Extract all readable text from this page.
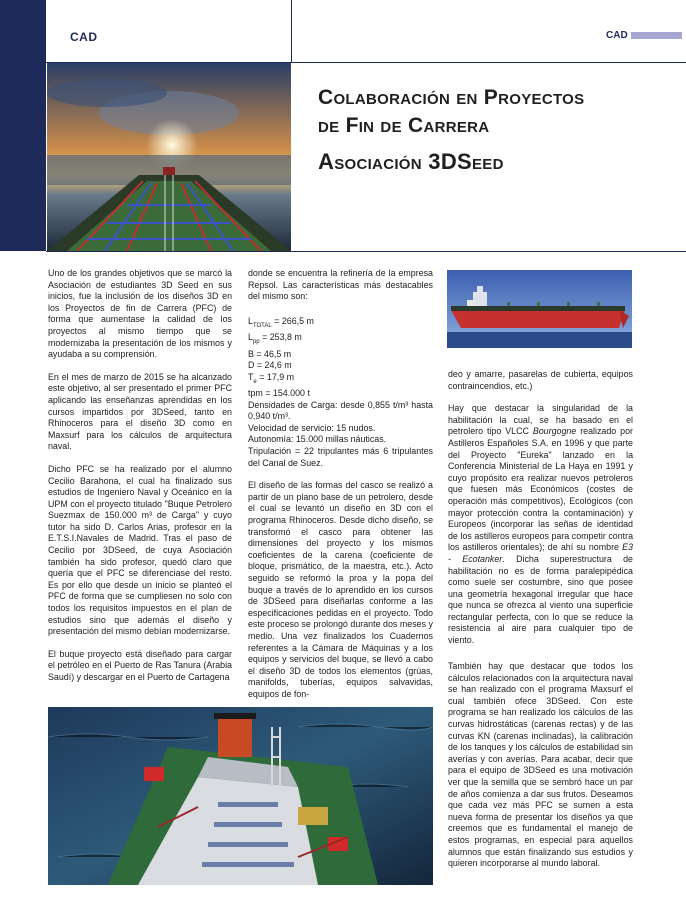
CAD	CAD
Colaboración en Proyectos
de Fin de Carrera
Asociación 3DSeed

Uno de los grandes objetivos que se marcó la Asociación de estudiantes 3D Seed en sus inicios, fue la inclusión de los diseños 3D en los Proyectos de fin de Carrera (PFC) de forma que aumentase la calidad de los proyectos al mismo tiempo que se modernizaba la presentación de los mismos y ayudaba a su comprensión.

En el mes de marzo de 2015 se ha alcanzado este objetivo, al ser presentado el primer PFC aplicando las enseñanzas aprendidas en los cursos impartidos por 3DSeed, tanto en Rhinoceros para el diseño 3D como en Maxsurf para los cálculos de arquitectura naval.

Dicho PFC se ha realizado por el alumno Cecilio Barahona, el cual ha finalizado sus estudios de Ingeniero Naval y Oceánico en la UPM con el proyecto titulado "Buque Petrolero Suezmax de 150.000 m³ de Carga" y cuyo tutor ha sido D. Carlos Arias, profesor en la E.T.S.I.Navales de Madrid. Tras el paso de Cecilio por 3DSeed, de cuya Asociación también ha sido profesor, quedó claro que quería que el PFC se diferenciase del resto. Es por ello que desde un inicio se planteó el PFC de forma que se cumpliesen no solo con todos los requisitos impuestos en el plan de estudios sino que además el diseño y presentación del mismo debían modernizarse.

El buque proyecto está diseñado para cargar el petróleo en el Puerto de Ras Tanura (Arabia Saudí) y descargar en el Puerto de Cartagena

donde se encuentra la refinería de la empresa Repsol. Las características más destacables del mismo son:

$L_{TOTAL} = 266,5$ m
$L_{pp} = 253,8$ m
B = 46,5 m
D = 24,6 m
$T_e = 17,9$ m
tpm = 154.000 t
Densidades de Carga: desde 0,855 t/m³ hasta 0,940 t/m³.
Velocidad de servicio: 15 nudos.
Autonomía: 15.000 millas náuticas.
Tripulación = 22 tripulantes más 6 tripulantes del Canal de Suez.

El diseño de las formas del casco se realizó a partir de un plano base de un petrolero, desde el cual se levantó un diseño en 3D con el programa Rhinoceros. Desde dicho diseño, se transformó el casco para obtener las dimensiones del proyecto y los mismos coeficientes de la carena (coeficiente de bloque, prismático, de la maestra, etc.). Acto seguido se reformó la proa y la popa del buque a través de lo aprendido en los cursos de 3DSeed para diseñarlas conforme a las especificaciones pedidas en el proyecto. Todo este proceso se prolongó durante dos meses y medio. Una vez finalizados los Cuadernos referentes a la Cámara de Máquinas y a los equipos y servicios del buque, se llevó a cabo el diseño 3D de todos los elementos (grúas, manifolds, tuberías, equipos salvavidas, equipos de fon-

deo y amarre, pasarelas de cubierta, equipos contraincendios, etc.)

Hay que destacar la singularidad de la habilitación la cual, se ha basado en el petrolero tipo VLCC Bourgogne realizado por Astilleros Españoles S.A. en 1996 y que parte del Proyecto "Eureka" lanzado en la Conferencia Ministerial de La Haya en 1991 y cuyo propósito era realizar nuevos petroleros que fuesen más Económicos (costes de operación más competitivos), Ecológicos (con mayor protección contra la contaminación) y Europeos (incorporar las señas de identidad de los astilleros europeos para competir contra los astilleros orientales); de ahí su nombre E3 - Ecotanker. Dicha superestructura de habilitación no es de forma paralepipédica como suele ser costumbre, sino que posee una geometría hexagonal irregular que hace que nunca se ofrezca al viento una superficie rectangular perfecta, con lo que se reduce la resistencia al aire para cualquier tipo de viento.

También hay que destacar que todos los cálculos relacionados con la arquitectura naval se han realizado con el programa Maxsurf el cual también ofece 3DSeed. Con este programa se han realizado los cálculos de las curvas hidrostáticas (carenas rectas) y de las curvas KN (carenas inclinadas), la calibración de los tanques y los cálculos de estabilidad sin averías y con averías. Para acabar, decir que para el equipo de 3DSeed es una motivación ver que la semilla que se sembró hace un par de años comienza a dar sus frutos. Deseamos que cada vez más PFC se sumen a esta nueva forma de presentar los diseños ya que creemos que es fundamental el manejo de estos programas, en especial para aquellos alumnos que están finalizando sus estudios y quieren incorporarse al mundo laboral.
